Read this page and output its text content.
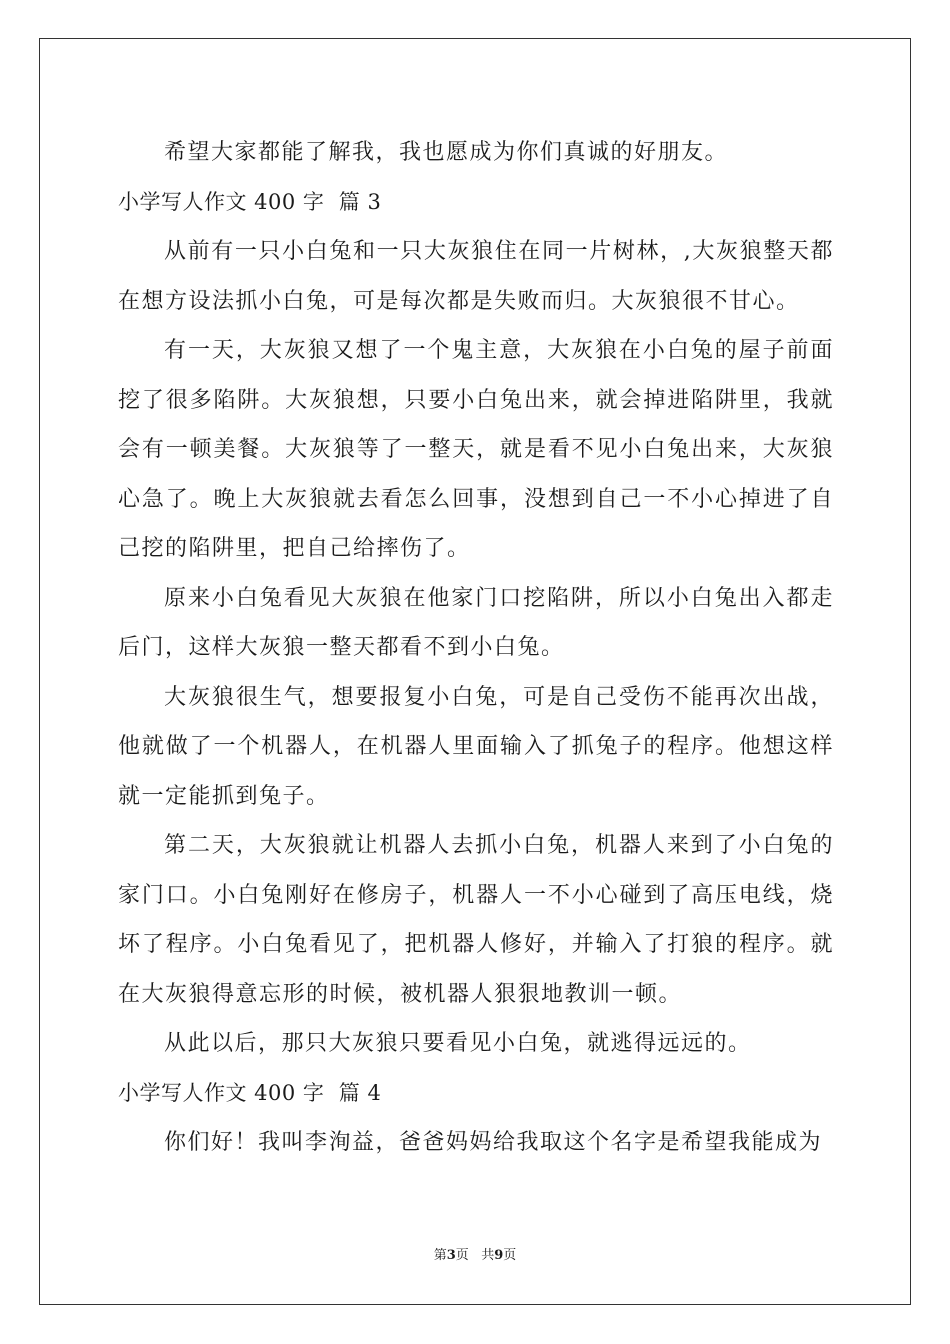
希望大家都能了解我，我也愿成为你们真诚的好朋友。

小学写人作文 400 字  篇 3

从前有一只小白兔和一只大灰狼住在同一片树林，,大灰狼整天都在想方设法抓小白兔，可是每次都是失败而归。大灰狼很不甘心。

有一天，大灰狼又想了一个鬼主意，大灰狼在小白兔的屋子前面挖了很多陷阱。大灰狼想，只要小白兔出来，就会掉进陷阱里，我就会有一顿美餐。大灰狼等了一整天，就是看不见小白兔出来，大灰狼心急了。晚上大灰狼就去看怎么回事，没想到自己一不小心掉进了自己挖的陷阱里，把自己给摔伤了。

原来小白兔看见大灰狼在他家门口挖陷阱，所以小白兔出入都走后门，这样大灰狼一整天都看不到小白兔。

大灰狼很生气，想要报复小白兔，可是自己受伤不能再次出战，他就做了一个机器人，在机器人里面输入了抓兔子的程序。他想这样就一定能抓到兔子。

第二天，大灰狼就让机器人去抓小白兔，机器人来到了小白兔的家门口。小白兔刚好在修房子，机器人一不小心碰到了高压电线，烧坏了程序。小白兔看见了，把机器人修好，并输入了打狼的程序。就在大灰狼得意忘形的时候，被机器人狠狠地教训一顿。

从此以后，那只大灰狼只要看见小白兔，就逃得远远的。

小学写人作文 400 字  篇 4

你们好！我叫李洵益，爸爸妈妈给我取这个名字是希望我能成为

第3页 共9页
